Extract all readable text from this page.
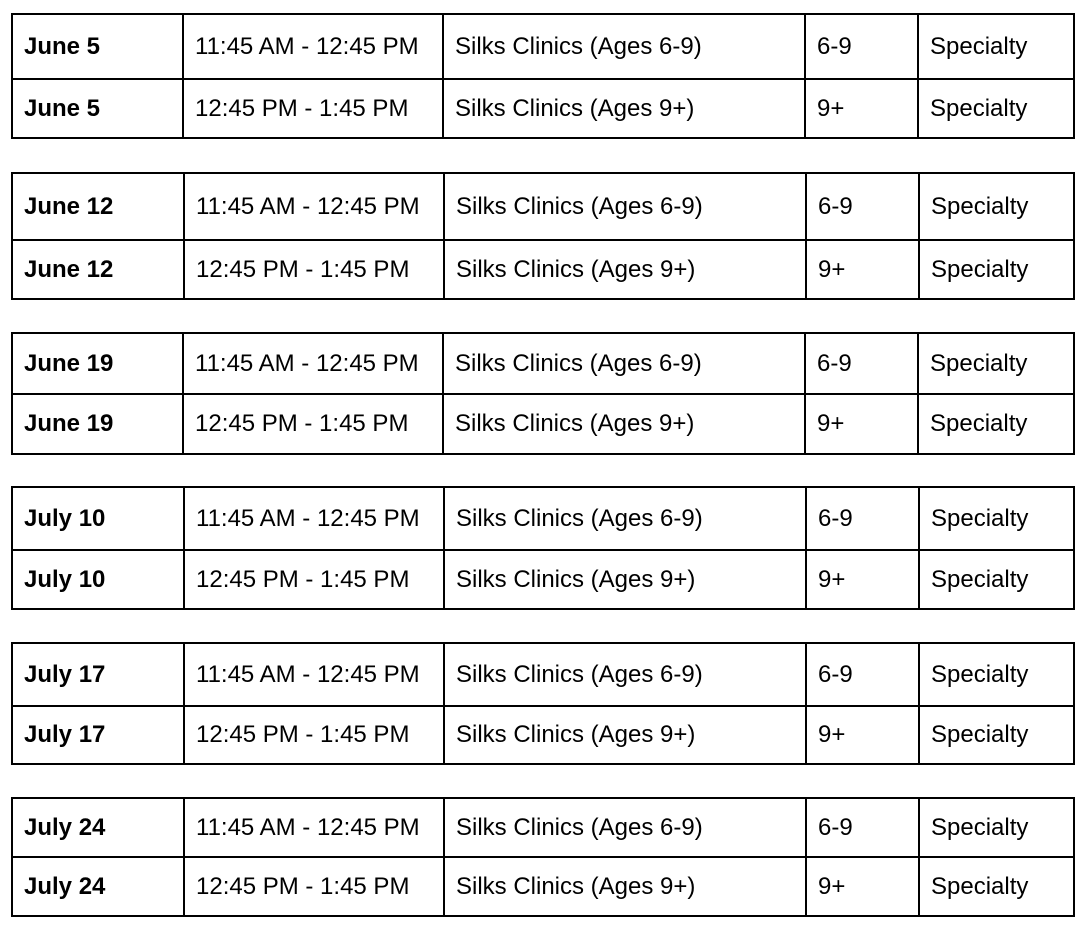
June 5	11:45 AM - 12:45 PM	Silks Clinics (Ages 6-9)	6-9	Specialty
June 5	12:45 PM - 1:45 PM	Silks Clinics (Ages 9+)	9+	Specialty
June 12	11:45 AM - 12:45 PM	Silks Clinics (Ages 6-9)	6-9	Specialty
June 12	12:45 PM - 1:45 PM	Silks Clinics (Ages 9+)	9+	Specialty
June 19	11:45 AM - 12:45 PM	Silks Clinics (Ages 6-9)	6-9	Specialty
June 19	12:45 PM - 1:45 PM	Silks Clinics (Ages 9+)	9+	Specialty
July 10	11:45 AM - 12:45 PM	Silks Clinics (Ages 6-9)	6-9	Specialty
July 10	12:45 PM - 1:45 PM	Silks Clinics (Ages 9+)	9+	Specialty
July 17	11:45 AM - 12:45 PM	Silks Clinics (Ages 6-9)	6-9	Specialty
July 17	12:45 PM - 1:45 PM	Silks Clinics (Ages 9+)	9+	Specialty
July 24	11:45 AM - 12:45 PM	Silks Clinics (Ages 6-9)	6-9	Specialty
July 24	12:45 PM - 1:45 PM	Silks Clinics (Ages 9+)	9+	Specialty
